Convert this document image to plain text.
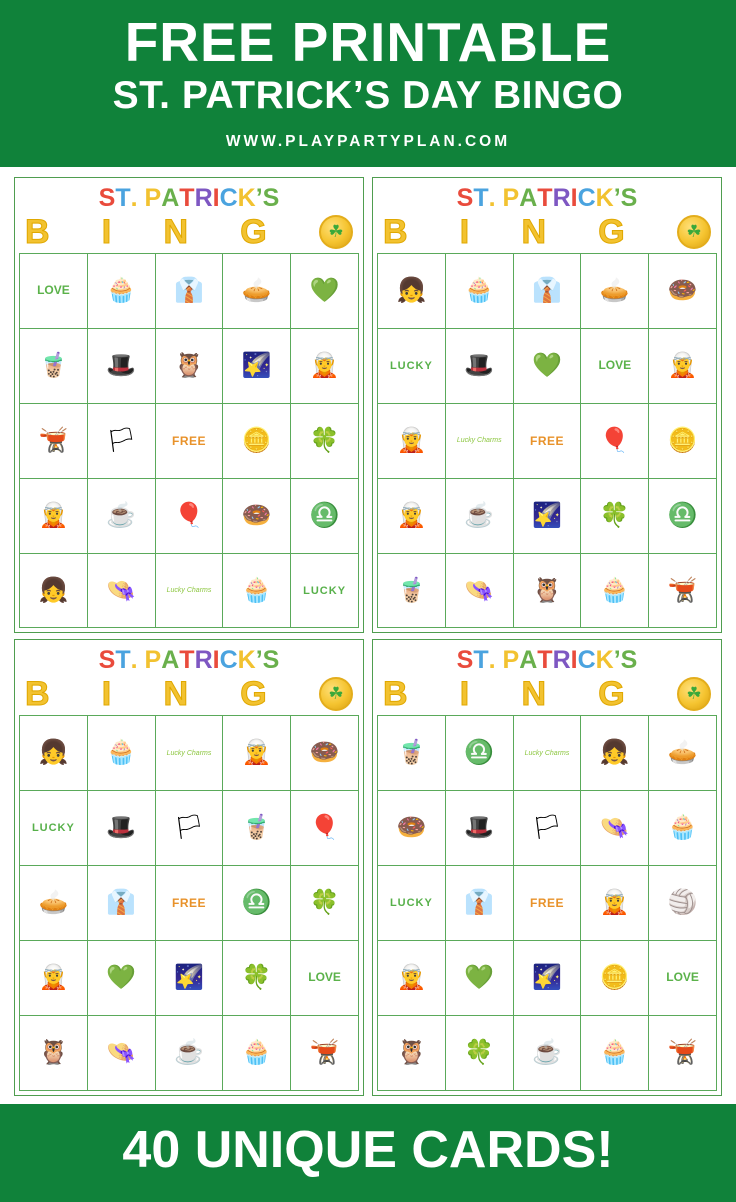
FREE PRINTABLE
ST. PATRICK’S DAY BINGO
WWW.PLAYPARTYPLAN.COM
ST. PATRICK’S
B I N G	☘
LOVE	🧁 👔 🥧 💚
🧋 🎩 🦉 🌠 🧝
🫕 🏳	FREE	🪙 🍀
🧝 ☕ 🎈 🍩 ♎
👧 👒	Lucky Charms	🧁	LUCKY
ST. PATRICK’S
B I N G	☘
👧 🧁 👔 🥧 🍩
LUCKY	🎩 💚	LOVE	🧝
🧝	Lucky Charms	FREE	🎈 🪙
🧝 ☕ 🌠 🍀 ♎
🧋 👒 🦉 🧁 🫕
ST. PATRICK’S
B I N G	☘
👧 🧁	Lucky Charms	🧝 🍩
LUCKY	🎩 🏳 🧋 🎈
🥧 👔	FREE	♎ 🍀
🧝 💚 🌠 🍀	LOVE
🦉 👒 ☕ 🧁 🫕
ST. PATRICK’S
B I N G	☘
🧋 ♎	Lucky Charms	👧 🥧
🍩 🎩 🏳 👒 🧁
LUCKY	👔	FREE	🧝 🏐
🧝 💚 🌠 🪙	LOVE
🦉 🍀 ☕ 🧁 🫕
40 UNIQUE CARDS!
